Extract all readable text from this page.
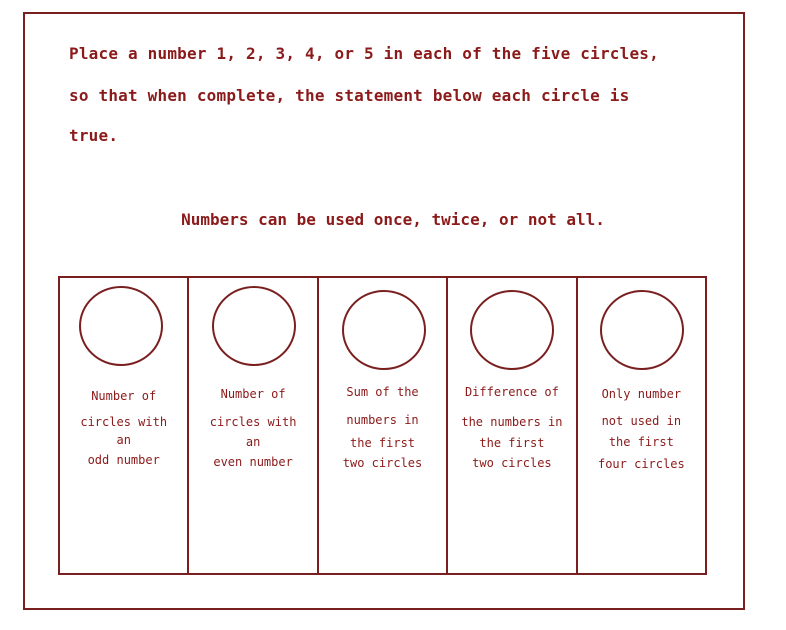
Place a number 1, 2, 3, 4, or 5 in each of the five circles,
so that when complete, the statement below each circle is
true.
Numbers can be used once, twice, or not all.
Number of
circles with
an
odd number
Number of
circles with
an
even number
Sum of the
numbers in
the first
two circles
Difference of
the numbers in
the first
two circles
Only number
not used in
the first
four circles
